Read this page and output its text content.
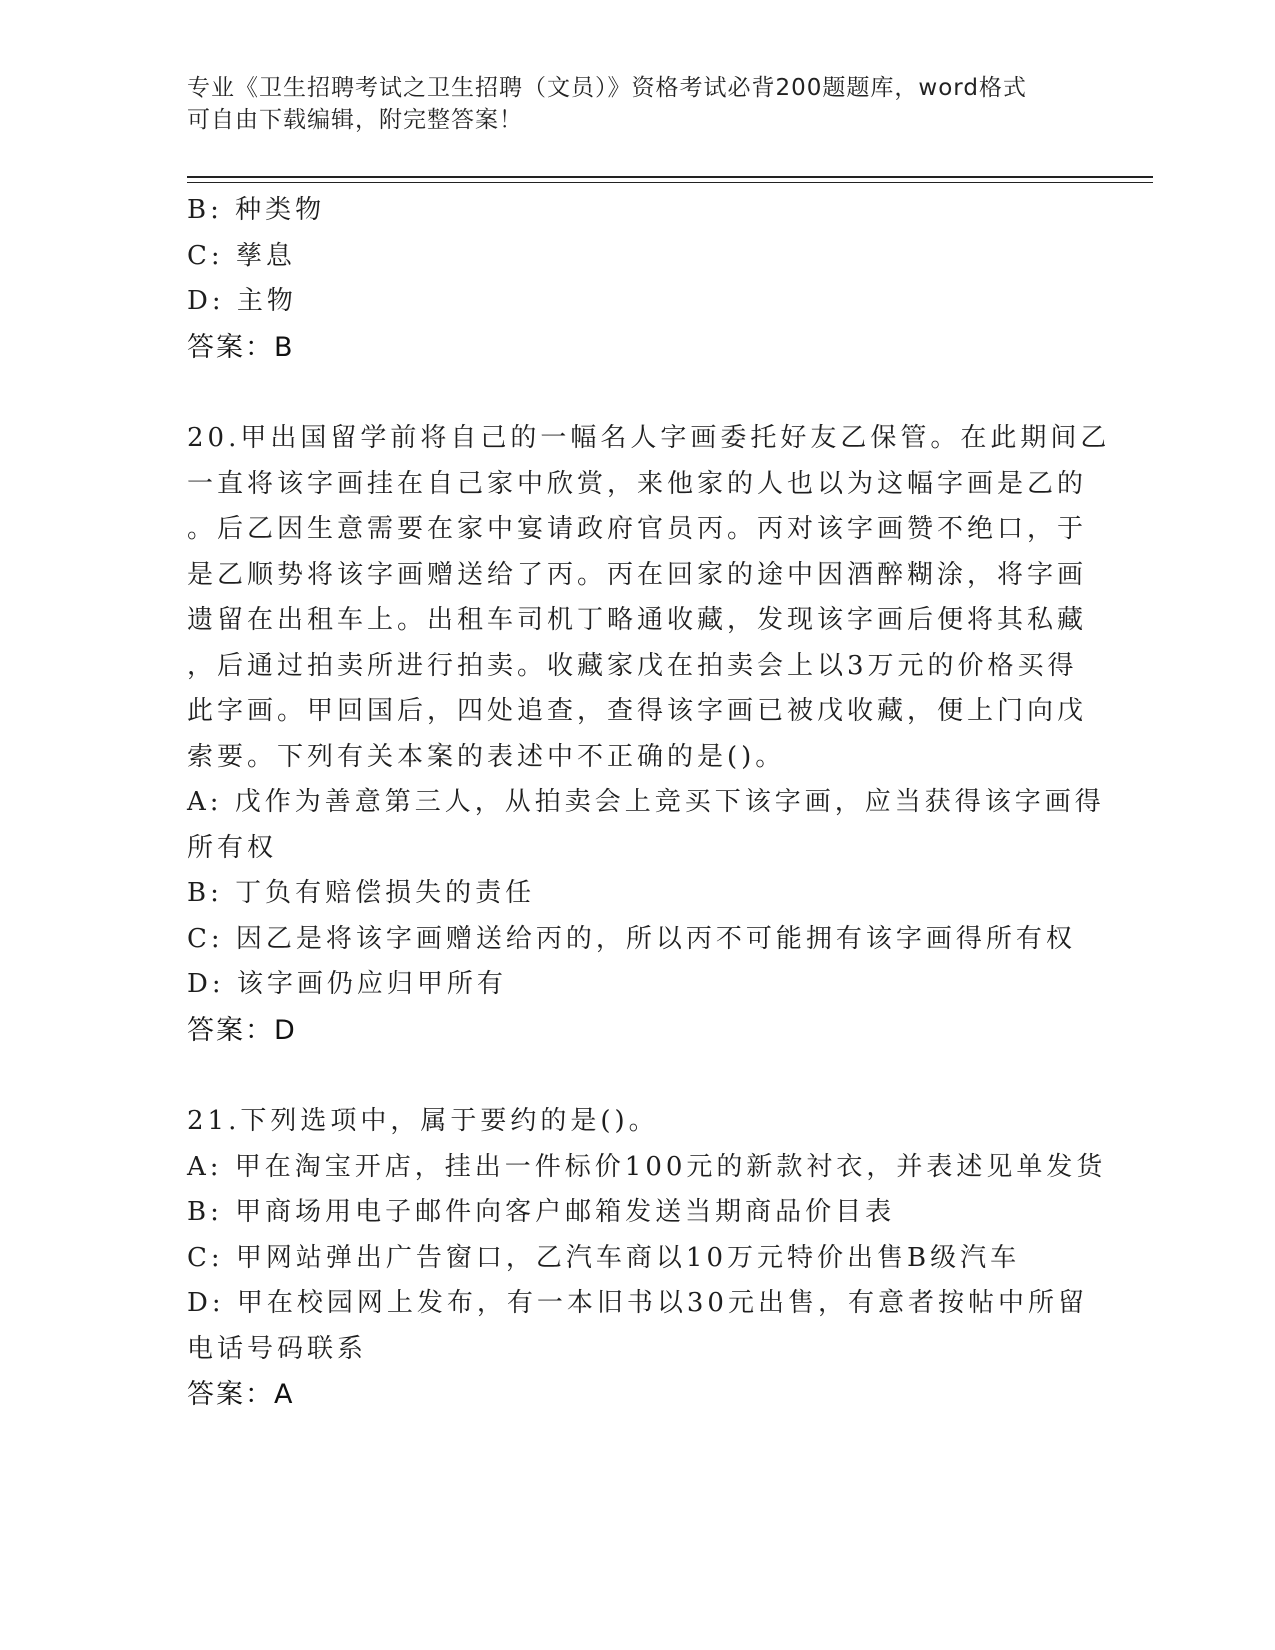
专业《卫生招聘考试之卫生招聘（文员）》资格考试必背200题题库，word格式
可自由下载编辑，附完整答案！
B: 种类物
C: 孳息
D: 主物
答案：B
20.甲出国留学前将自己的一幅名人字画委托好友乙保管。在此期间乙
一直将该字画挂在自己家中欣赏，来他家的人也以为这幅字画是乙的
。后乙因生意需要在家中宴请政府官员丙。丙对该字画赞不绝口，于
是乙顺势将该字画赠送给了丙。丙在回家的途中因酒醉糊涂，将字画
遗留在出租车上。出租车司机丁略通收藏，发现该字画后便将其私藏
，后通过拍卖所进行拍卖。收藏家戊在拍卖会上以3万元的价格买得
此字画。甲回国后，四处追查，查得该字画已被戊收藏，便上门向戊
索要。下列有关本案的表述中不正确的是()。
A: 戊作为善意第三人，从拍卖会上竞买下该字画，应当获得该字画得
所有权
B: 丁负有赔偿损失的责任
C: 因乙是将该字画赠送给丙的，所以丙不可能拥有该字画得所有权
D: 该字画仍应归甲所有
答案：D
21.下列选项中，属于要约的是()。
A: 甲在淘宝开店，挂出一件标价100元的新款衬衣，并表述见单发货
B: 甲商场用电子邮件向客户邮箱发送当期商品价目表
C: 甲网站弹出广告窗口，乙汽车商以10万元特价出售B级汽车
D: 甲在校园网上发布，有一本旧书以30元出售，有意者按帖中所留
电话号码联系
答案：A
